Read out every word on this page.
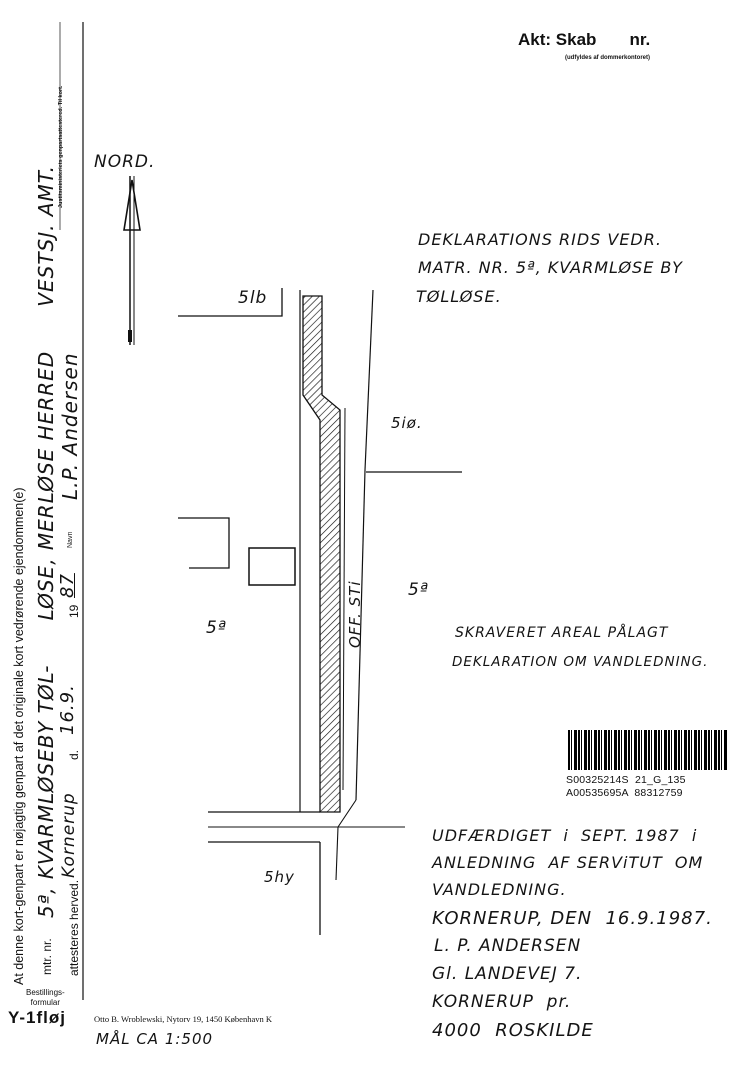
Akt: Skab       nr.
(udfyldes af dommerkontoret)
At denne kort-genpart er nøjagtig genpart af det originale kort vedrørende ejendommen(e) mtr. nr.
5ª, KVARMLØSEBY TØL-      LØSE, MERLØSE HERRED      VESTSJ. AMT.
attesteres herved.
Kornerup
d.
16.9.
19
87
Navn
L.P. Andersen
Justitsministeriets genpartsattestered. Til kort.
Bestillings-
formular
Y-1fløj	Otto B. Wroblewski, Nytorv 19, 1450 København K
NORD.
DEKLARATIONS RIDS VEDR.
MATR. NR. 5ª, KVARMLØSE BY
TØLLØSE.
5lb
5iø.
5ª
5ª
5hy
OFF. STi	SKRAVERET AREAL PÅLAGT
DEKLARATION OM VANDLEDNING.
MÅL CA 1:500
S00325214S  21_G_135
A00535695A  88312759
UDFÆRDIGET  i  SEPT. 1987  i
ANLEDNING  AF SERViTUT  OM
VANDLEDNING.
KORNERUP, DEN  16.9.1987.
L. P. ANDERSEN
Gl. LANDEVEJ 7.
KORNERUP  pr.
4000  ROSKILDE
